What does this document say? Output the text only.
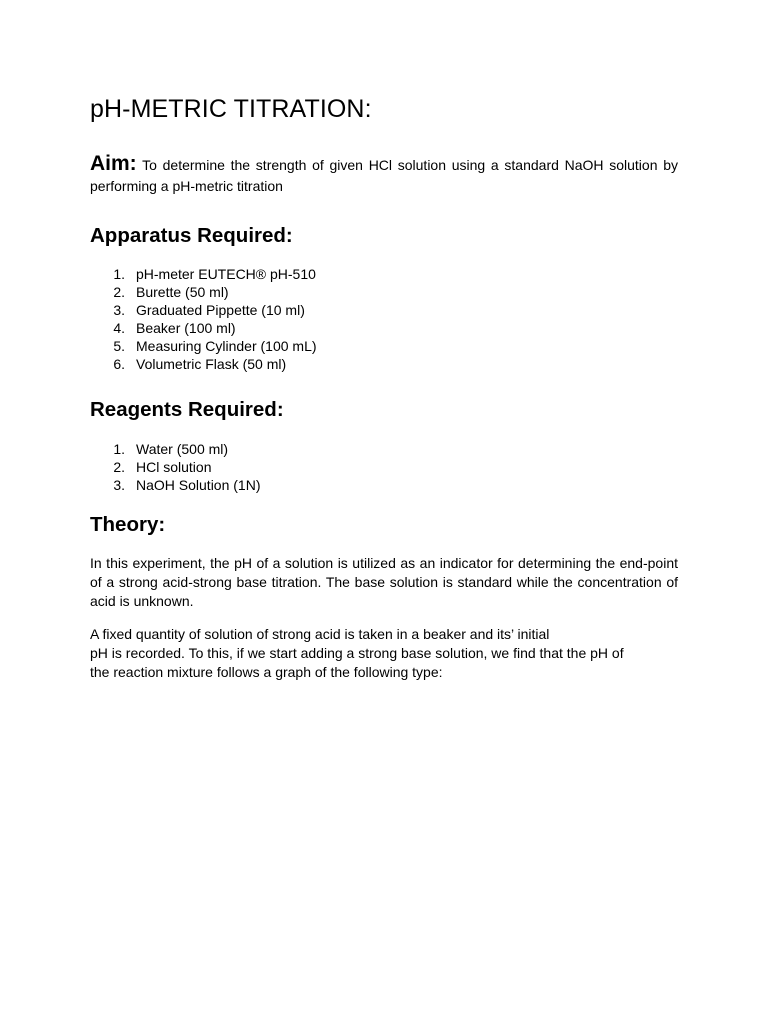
pH-METRIC TITRATION:

Aim: To determine the strength of given HCl solution using a standard NaOH solution by performing a pH-metric titration

Apparatus Required:
1. pH-meter EUTECH® pH-510
2. Burette (50 ml)
3. Graduated Pippette (10 ml)
4. Beaker (100 ml)
5. Measuring Cylinder (100 mL)
6. Volumetric Flask (50 ml)
Reagents Required:
1. Water (500 ml)
2. HCl solution
3. NaOH Solution (1N)
Theory:

In this experiment, the pH of a solution is utilized as an indicator for determining the end-point of a strong acid-strong base titration. The base solution is standard while the concentration of acid is unknown.

A fixed quantity of solution of strong acid is taken in a beaker and its’ initial
pH is recorded. To this, if we start adding a strong base solution, we find that the pH of
the reaction mixture follows a graph of the following type:
